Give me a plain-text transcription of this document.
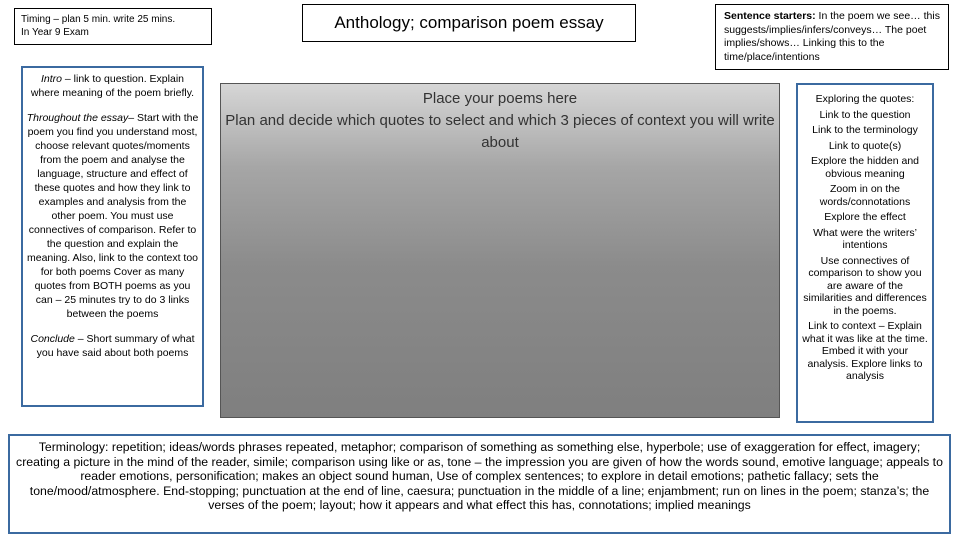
Timing – plan 5 min. write 25 mins.
In Year 9 Exam
Anthology; comparison poem essay	Sentence starters: In the poem we see… this suggests/implies/infers/conveys… The poet implies/shows… Linking this to the time/place/intentions

Intro – link to question. Explain where meaning of the poem briefly.

Throughout the essay– Start with the poem you find you understand most, choose relevant quotes/moments from the poem and analyse the language, structure and effect of these quotes and how they link to examples and analysis from the other poem. You must use connectives of comparison. Refer to the question and explain the meaning. Also, link to the context too for both poems Cover as many quotes from BOTH poems as you can – 25 minutes try to do 3 links between the poems

Conclude – Short summary of what you have said about both poems

Place your poems here
Plan and decide which quotes to select and which 3 pieces of context you will write about
Exploring the quotes:
Link to the question
Link to the terminology
Link to quote(s)
Explore the hidden and obvious meaning
Zoom in on the words/connotations
Explore the effect
What were the writers’ intentions
Use connectives of comparison to show you are aware of the similarities and differences in the poems.
Link to context – Explain what it was like at the time. Embed it with your analysis. Explore links to analysis
Terminology: repetition; ideas/words phrases repeated, metaphor; comparison of something as something else, hyperbole; use of exaggeration for effect, imagery; creating a picture in the mind of the reader, simile; comparison using like or as, tone – the impression you are given of how the words sound, emotive language; appeals to reader emotions, personification; makes an object sound human, Use of complex sentences; to explore in detail emotions; pathetic fallacy; sets the tone/mood/atmosphere. End-stopping; punctuation at the end of line, caesura; punctuation in the middle of a line; enjambment; run on lines in the poem; stanza’s; the verses of the poem; layout; how it appears and what effect this has, connotations; implied meanings
